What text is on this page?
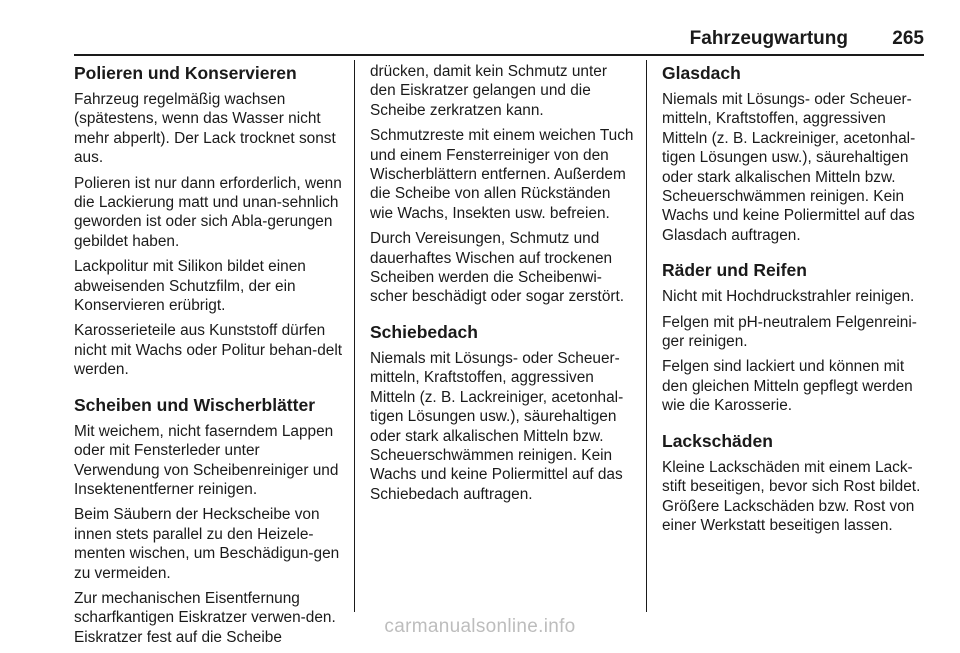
Fahrzeugwartung 265
Polieren und Konservieren

Fahrzeug regelmäßig wachsen (spätestens, wenn das Wasser nicht mehr abperlt). Der Lack trocknet sonst aus.

Polieren ist nur dann erforderlich, wenn die Lackierung matt und unan-sehnlich geworden ist oder sich Abla-gerungen gebildet haben.

Lackpolitur mit Silikon bildet einen abweisenden Schutzfilm, der ein Konservieren erübrigt.

Karosserieteile aus Kunststoff dürfen nicht mit Wachs oder Politur behan-delt werden.

Scheiben und Wischerblätter

Mit weichem, nicht faserndem Lappen oder mit Fensterleder unter Verwendung von Scheibenreiniger und Insektenentferner reinigen.

Beim Säubern der Heckscheibe von innen stets parallel zu den Heizele-menten wischen, um Beschädigun-gen zu vermeiden.

Zur mechanischen Eisentfernung scharfkantigen Eiskratzer verwen-den. Eiskratzer fest auf die Scheibe

drücken, damit kein Schmutz unter den Eiskratzer gelangen und die Scheibe zerkratzen kann.

Schmutzreste mit einem weichen Tuch und einem Fensterreiniger von den Wischerblättern entfernen. Außerdem die Scheibe von allen Rückständen wie Wachs, Insekten usw. befreien.

Durch Vereisungen, Schmutz und dauerhaftes Wischen auf trockenen Scheiben werden die Scheibenwi-scher beschädigt oder sogar zerstört.

Schiebedach

Niemals mit Lösungs- oder Scheuer-mitteln, Kraftstoffen, aggressiven Mitteln (z. B. Lackreiniger, acetonhal-tigen Lösungen usw.), säurehaltigen oder stark alkalischen Mitteln bzw. Scheuerschwämmen reinigen. Kein Wachs und keine Poliermittel auf das Schiebedach auftragen.

Glasdach

Niemals mit Lösungs- oder Scheuer-mitteln, Kraftstoffen, aggressiven Mitteln (z. B. Lackreiniger, acetonhal-tigen Lösungen usw.), säurehaltigen oder stark alkalischen Mitteln bzw. Scheuerschwämmen reinigen. Kein Wachs und keine Poliermittel auf das Glasdach auftragen.

Räder und Reifen

Nicht mit Hochdruckstrahler reinigen.

Felgen mit pH-neutralem Felgenreini-ger reinigen.

Felgen sind lackiert und können mit den gleichen Mitteln gepflegt werden wie die Karosserie.

Lackschäden

Kleine Lackschäden mit einem Lack-stift beseitigen, bevor sich Rost bildet. Größere Lackschäden bzw. Rost von einer Werkstatt beseitigen lassen.

carmanualsonline.info
